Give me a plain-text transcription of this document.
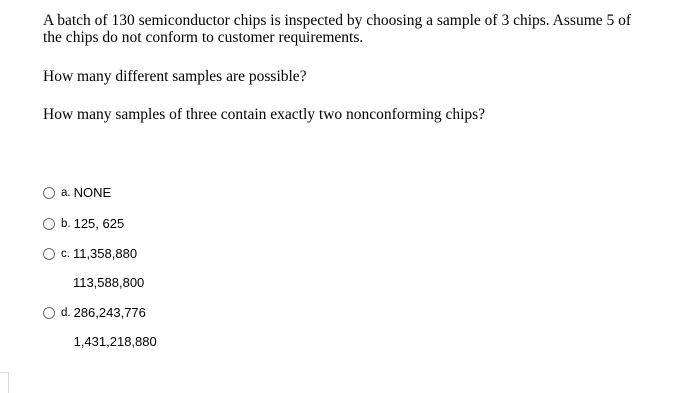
A batch of 130 semiconductor chips is inspected by choosing a sample of 3 chips. Assume 5 of

the chips do not conform to customer requirements.

How many different samples are possible?

How many samples of three contain exactly two nonconforming chips?

a. NONE
b. 125, 625
c. 11,358,880
113,588,800
d. 286,243,776
1,431,218,880
